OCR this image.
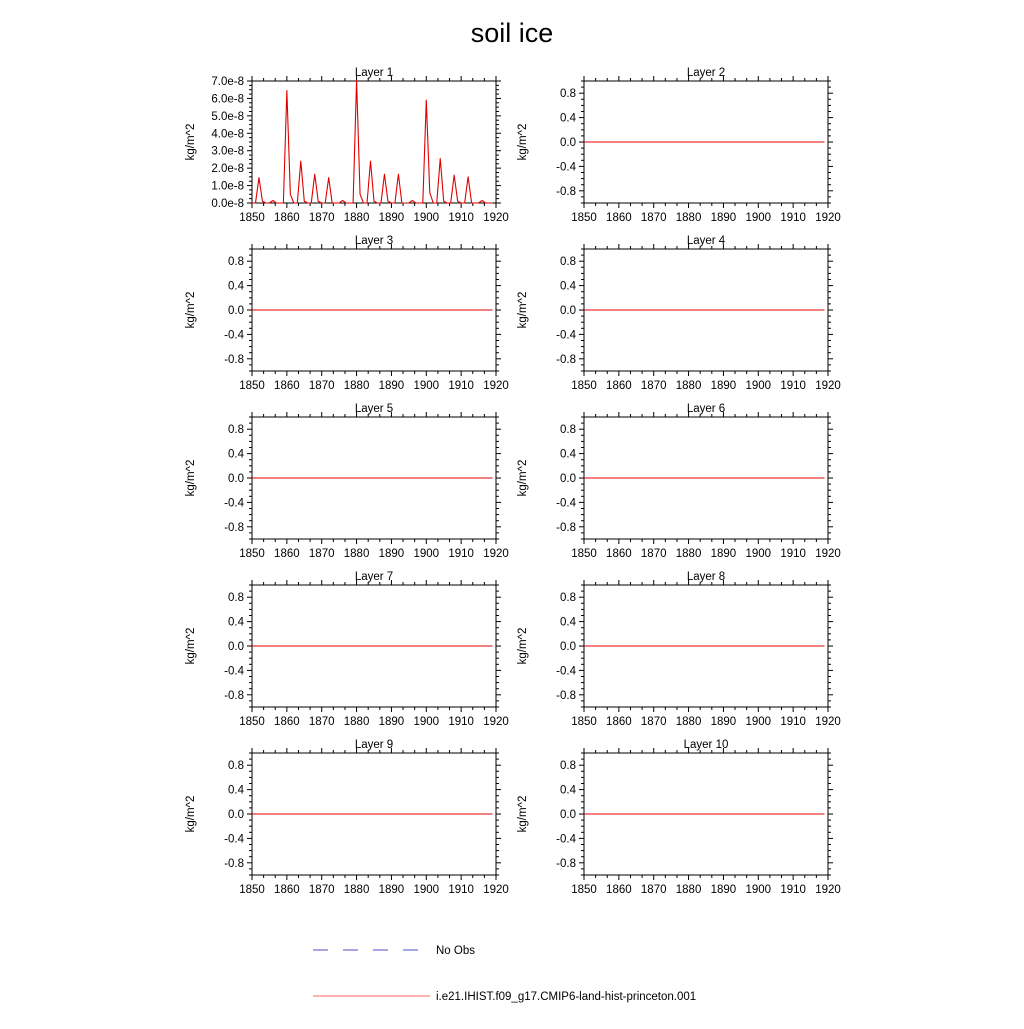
soil ice
Layer 1
kg/m^2
1850 1860 1870 1880 1890 1900 1910 1920
0.0e-8
1.0e-8
2.0e-8
3.0e-8
4.0e-8
5.0e-8
6.0e-8
7.0e-8
Layer 2
kg/m^2
1850 1860 1870 1880 1890 1900 1910 1920
-0.8
-0.4
0.0
0.4
0.8
Layer 3
kg/m^2
1850 1860 1870 1880 1890 1900 1910 1920
-0.8
-0.4
0.0
0.4
0.8
Layer 4
kg/m^2
1850 1860 1870 1880 1890 1900 1910 1920
-0.8
-0.4
0.0
0.4
0.8
Layer 5
kg/m^2
1850 1860 1870 1880 1890 1900 1910 1920
-0.8
-0.4
0.0
0.4
0.8
Layer 6
kg/m^2
1850 1860 1870 1880 1890 1900 1910 1920
-0.8
-0.4
0.0
0.4
0.8
Layer 7
kg/m^2
1850 1860 1870 1880 1890 1900 1910 1920
-0.8
-0.4
0.0
0.4
0.8
Layer 8
kg/m^2
1850 1860 1870 1880 1890 1900 1910 1920
-0.8
-0.4
0.0
0.4
0.8
Layer 9
kg/m^2
1850 1860 1870 1880 1890 1900 1910 1920
-0.8
-0.4
0.0
0.4
0.8
Layer 10
kg/m^2
1850 1860 1870 1880 1890 1900 1910 1920
-0.8
-0.4
0.0
0.4
0.8
No Obs
i.e21.IHIST.f09_g17.CMIP6-land-hist-princeton.001
